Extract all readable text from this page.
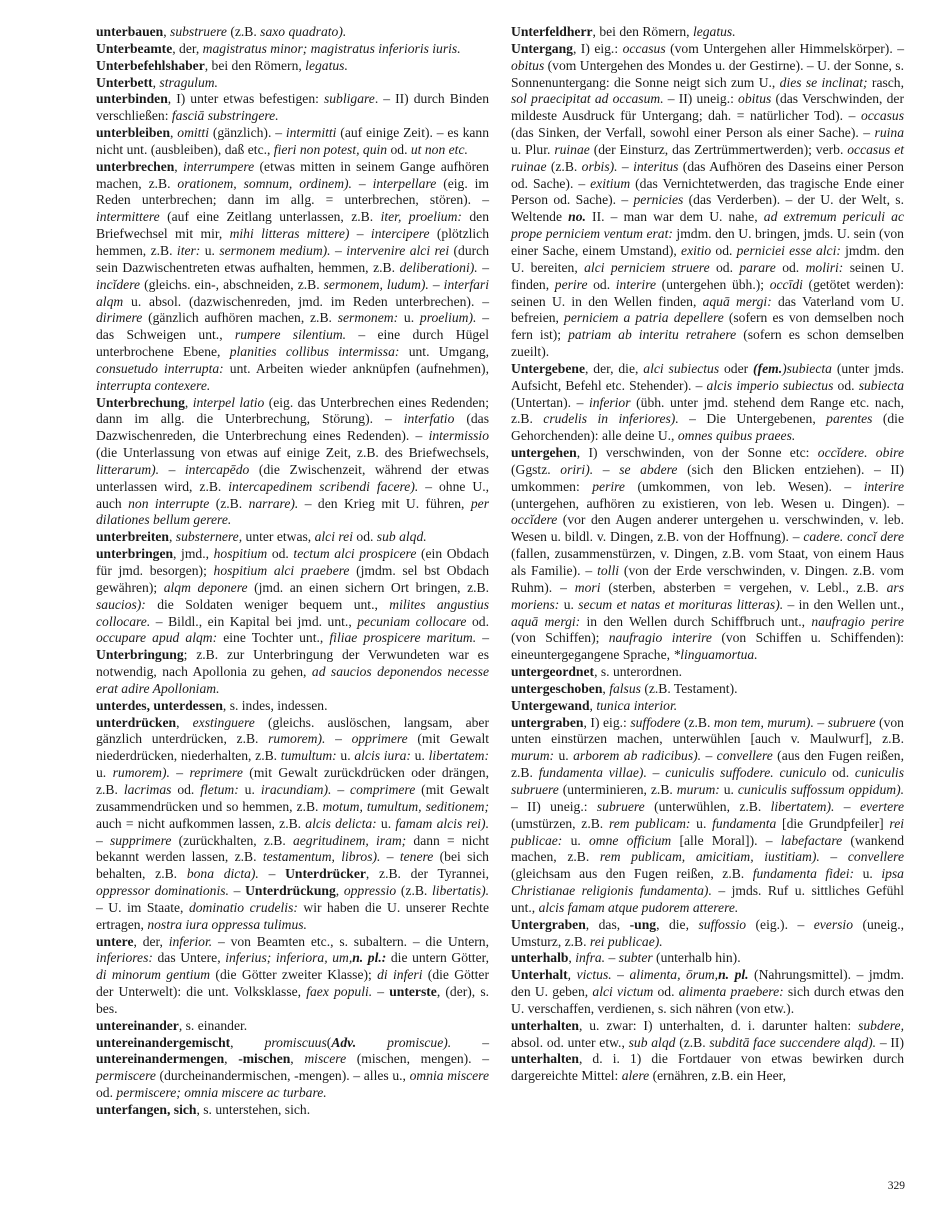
unterbauen, substruere (z.B. saxo quadrato).

Unterbeamte, der, magistratus minor; magistratus inferioris iuris.

Unterbefehlshaber, bei den Römern, legatus.

Unterbett, stragulum.

unterbinden, I) unter etwas befestigen: subligare. – II) durch Binden verschließen: fasciā substringere.

unterbleiben, omitti (gänzlich). – intermitti (auf einige Zeit). – es kann nicht unt. (ausbleiben), daß etc., fieri non potest, quin od. ut non etc.

unterbrechen, interrumpere (etwas mitten in seinem Gange aufhören machen, z.B. orationem, somnum, ordinem). – interpellare (eig. im Reden unterbrechen; dann im allg. = unterbrechen, stören). – intermittere (auf eine Zeitlang unterlassen, z.B. iter, proelium: den Briefwechsel mit mir, mihi litteras mittere) – intercipere (plötzlich hemmen, z.B. iter: u. sermonem medium). – intervenire alci rei (durch sein Dazwischentreten etwas aufhalten, hemmen, z.B. deliberationi). – incĭdere (gleichs. ein-, abschneiden, z.B. sermonem, ludum). – interfari alqm u. absol. (dazwischenreden, jmd. im Reden unterbrechen). – dirimere (gänzlich aufhören machen, z.B. sermonem: u. proelium). – das Schweigen unt., rumpere silentium. – eine durch Hügel unterbrochene Ebene, planities collibus intermissa: unt. Umgang, consuetudo interrupta: unt. Arbeiten wieder anknüpfen (aufnehmen), interrupta contexere.

Unterbrechung, interpel latio (eig. das Unterbrechen eines Redenden; dann im allg. die Unterbrechung, Störung). – interfatio (das Dazwischenreden, die Unterbrechung eines Redenden). – intermissio (die Unterlassung von etwas auf einige Zeit, z.B. des Briefwechsels, litterarum). – intercapēdo (die Zwischenzeit, während der etwas unterlassen wird, z.B. intercapedinem scribendi facere). – ohne U., auch non interrupte (z.B. narrare). – den Krieg mit U. führen, per dilationes bellum gerere.

unterbreiten, substernere, unter etwas, alci rei od. sub alqd.

unterbringen, jmd., hospitium od. tectum alci prospicere (ein Obdach für jmd. besorgen); hospitium alci praebere (jmdm. sel bst Obdach gewähren); alqm deponere (jmd. an einen sichern Ort bringen, z.B. saucios): die Soldaten weniger bequem unt., milites angustius collocare. – Bildl., ein Kapital bei jmd. unt., pecuniam collocare od. occupare apud alqm: eine Tochter unt., filiae prospicere maritum. – Unterbringung; z.B. zur Unterbringung der Verwundeten war es notwendig, nach Apollonia zu gehen, ad saucios deponendos necesse erat adire Apolloniam.

unterdes, unterdessen, s. indes, indessen.

unterdrücken, exstinguere (gleichs. auslöschen, langsam, aber gänzlich unterdrücken, z.B. rumorem). – opprimere (mit Gewalt niederdrücken, niederhalten, z.B. tumultum: u. alcis iura: u. libertatem: u. rumorem). – reprimere (mit Gewalt zurückdrücken oder drängen, z.B. lacrimas od. fletum: u. iracundiam). – comprimere (mit Gewalt zusammendrücken und so hemmen, z.B. motum, tumultum, seditionem; auch = nicht aufkommen lassen, z.B. alcis delicta: u. famam alcis rei). – supprimere (zurückhalten, z.B. aegritudinem, iram; dann = nicht bekannt werden lassen, z.B. testamentum, libros). – tenere (bei sich behalten, z.B. bona dicta). – Unterdrücker, z.B. der Tyrannei, oppressor dominationis. – Unterdrückung, oppressio (z.B. libertatis). – U. im Staate, dominatio crudelis: wir haben die U. unserer Rechte ertragen, nostra iura oppressa tulimus.

untere, der, inferior. – von Beamten etc., s. subaltern. – die Untern, inferiores: das Untere, inferius; inferiora, um,n. pl.: die untern Götter, di minorum gentium (die Götter zweiter Klasse); di inferi (die Götter der Unterwelt): die unt. Volksklasse, faex populi. – unterste, (der), s. bes.

untereinander, s. einander.

untereinandergemischt, promiscuus(Adv. promiscue). – untereinandermengen, -mischen, miscere (mischen, mengen). – permiscere (durcheinandermischen, -mengen). – alles u., omnia miscere od. permiscere; omnia miscere ac turbare.

unterfangen, sich, s. unterstehen, sich.

Unterfeldherr, bei den Römern, legatus.

Untergang, I) eig.: occasus (vom Untergehen aller Himmelskörper). – obitus (vom Untergehen des Mondes u. der Gestirne). – U. der Sonne, s. Sonnenuntergang: die Sonne neigt sich zum U., dies se inclinat; rasch, sol praecipitat ad occasum. – II) uneig.: obitus (das Verschwinden, der mildeste Ausdruck für Untergang; dah. = natürlicher Tod). – occasus (das Sinken, der Verfall, sowohl einer Person als einer Sache). – ruina u. Plur. ruinae (der Einsturz, das Zertrümmertwerden); verb. occasus et ruinae (z.B. orbis). – interitus (das Aufhören des Daseins einer Person od. Sache). – exitium (das Vernichtetwerden, das tragische Ende einer Person od. Sache). – pernicies (das Verderben). – der U. der Welt, s. Weltende no. II. – man war dem U. nahe, ad extremum periculi ac prope perniciem ventum erat: jmdm. den U. bringen, jmds. U. sein (von einer Sache, einem Umstand), exitio od. perniciei esse alci: jmdm. den U. bereiten, alci perniciem struere od. parare od. moliri: seinen U. finden, perire od. interire (untergehen übh.); occīdi (getötet werden): seinen U. in den Wellen finden, aquā mergi: das Vaterland vom U. befreien, perniciem a patria depellere (sofern es von demselben noch fern ist); patriam ab interitu retrahere (sofern es schon demselben zueilt).

Untergebene, der, die, alci subiectus oder (fem.)subiecta (unter jmds. Aufsicht, Befehl etc. Stehender). – alcis imperio subiectus od. subiecta (Untertan). – inferior (übh. unter jmd. stehend dem Range etc. nach, z.B. crudelis in inferiores). – Die Untergebenen, parentes (die Gehorchenden): alle deine U., omnes quibus praees.

untergehen, I) verschwinden, von der Sonne etc: occĭdere. obire (Ggstz. oriri). – se abdere (sich den Blicken entziehen). – II) umkommen: perire (umkommen, von leb. Wesen). – interire (untergehen, aufhören zu existieren, von leb. Wesen u. Dingen). – occĭdere (vor den Augen anderer untergehen u. verschwinden, v. leb. Wesen u. bildl. v. Dingen, z.B. von der Hoffnung). – cadere. concĭ dere (fallen, zusammenstürzen, v. Dingen, z.B. vom Staat, von einem Haus als Familie). – tolli (von der Erde verschwinden, v. Dingen. z.B. vom Ruhm). – mori (sterben, absterben = vergehen, v. Lebl., z.B. ars moriens: u. secum et natas et morituras litteras). – in den Wellen unt., aquā mergi: in den Wellen durch Schiffbruch unt., naufragio perire (von Schiffen); naufragio interire (von Schiffen u. Schiffenden): eineuntergegangene Sprache, *linguamortua.

untergeordnet, s. unterordnen.

untergeschoben, falsus (z.B. Testament).

Untergewand, tunica interior.

untergraben, I) eig.: suffodere (z.B. mon tem, murum). – subruere (von unten einstürzen machen, unterwühlen [auch v. Maulwurf], z.B. murum: u. arborem ab radicibus). – convellere (aus den Fugen reißen, z.B. fundamenta villae). – cuniculis suffodere. cuniculo od. cuniculis subruere (unterminieren, z.B. murum: u. cuniculis suffossum oppidum). – II) uneig.: subruere (unterwühlen, z.B. libertatem). – evertere (umstürzen, z.B. rem publicam: u. fundamenta [die Grundpfeiler] rei publicae: u. omne officium [alle Moral]). – labefactare (wankend machen, z.B. rem publicam, amicitiam, iustitiam). – convellere (gleichsam aus den Fugen reißen, z.B. fundamenta fidei: u. ipsa Christianae religionis fundamenta). – jmds. Ruf u. sittliches Gefühl unt., alcis famam atque pudorem atterere.

Untergraben, das, -ung, die, suffossio (eig.). – eversio (uneig., Umsturz, z.B. rei publicae).

unterhalb, infra. – subter (unterhalb hin).

Unterhalt, victus. – alimenta, ōrum,n. pl. (Nahrungsmittel). – jmdm. den U. geben, alci victum od. alimenta praebere: sich durch etwas den U. verschaffen, verdienen, s. sich nähren (von etw.).

unterhalten, u. zwar: I) unterhalten, d. i. darunter halten: subdere, absol. od. unter etw., sub alqd (z.B. subditā face succendere alqd). – II) unterhalten, d. i. 1) die Fortdauer von etwas bewirken durch dargereichte Mittel: alere (ernähren, z.B. ein Heer,

329
